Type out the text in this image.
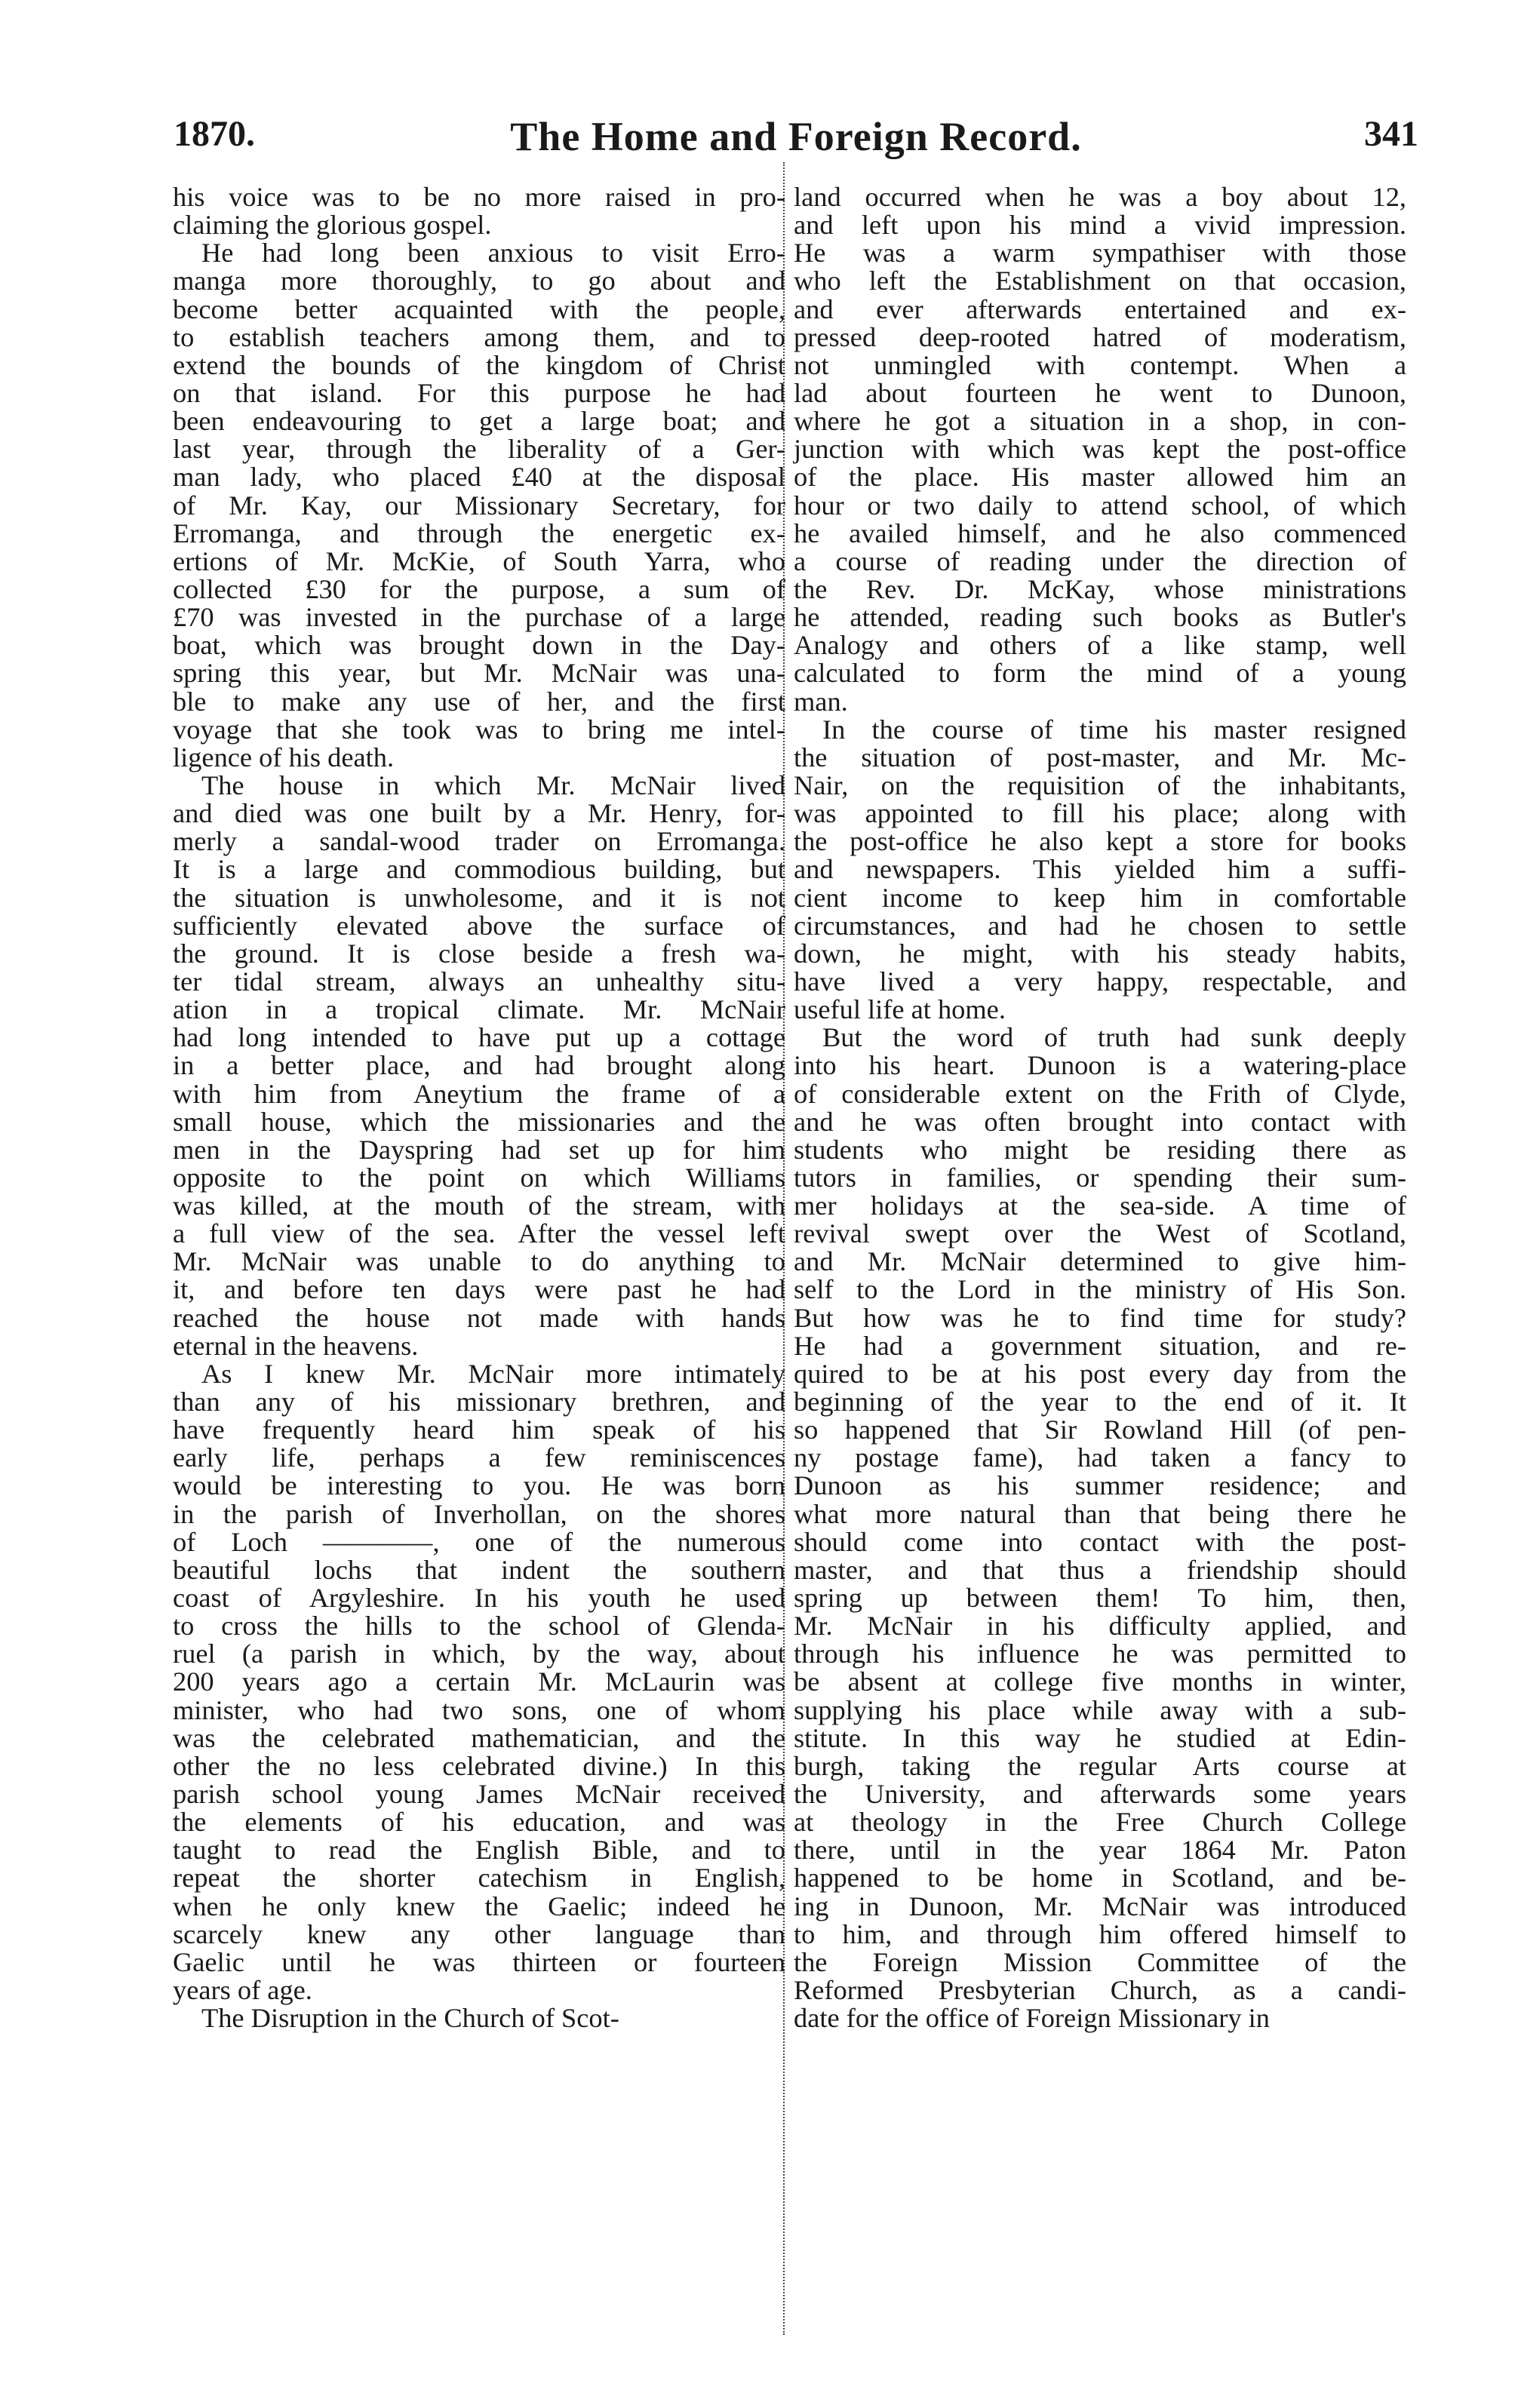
1870.	The Home and Foreign Record.	341
his voice was to be no more raised in pro-
claiming the glorious gospel.
He had long been anxious to visit Erro-
manga more thoroughly, to go about and
become better acquainted with the people,
to establish teachers among them, and to
extend the bounds of the kingdom of Christ
on that island. For this purpose he had
been endeavouring to get a large boat; and
last year, through the liberality of a Ger-
man lady, who placed £40 at the disposal
of Mr. Kay, our Missionary Secretary, for
Erromanga, and through the energetic ex-
ertions of Mr. McKie, of South Yarra, who
collected £30 for the purpose, a sum of
£70 was invested in the purchase of a large
boat, which was brought down in the Day-
spring this year, but Mr. McNair was una-
ble to make any use of her, and the first
voyage that she took was to bring me intel-
ligence of his death.
The house in which Mr. McNair lived
and died was one built by a Mr. Henry, for-
merly a sandal-wood trader on Erromanga.
It is a large and commodious building, but
the situation is unwholesome, and it is not
sufficiently elevated above the surface of
the ground. It is close beside a fresh wa-
ter tidal stream, always an unhealthy situ-
ation in a tropical climate. Mr. McNair
had long intended to have put up a cottage
in a better place, and had brought along
with him from Aneytium the frame of a
small house, which the missionaries and the
men in the Dayspring had set up for him
opposite to the point on which Williams
was killed, at the mouth of the stream, with
a full view of the sea. After the vessel left
Mr. McNair was unable to do anything to
it, and before ten days were past he had
reached the house not made with hands
eternal in the heavens.
As I knew Mr. McNair more intimately
than any of his missionary brethren, and
have frequently heard him speak of his
early life, perhaps a few reminiscences
would be interesting to you. He was born
in the parish of Inverhollan, on the shores
of Loch ————, one of the numerous
beautiful lochs that indent the southern
coast of Argyleshire. In his youth he used
to cross the hills to the school of Glenda-
ruel (a parish in which, by the way, about
200 years ago a certain Mr. McLaurin was
minister, who had two sons, one of whom
was the celebrated mathematician, and the
other the no less celebrated divine.) In this
parish school young James McNair received
the elements of his education, and was
taught to read the English Bible, and to
repeat the shorter catechism in English,
when he only knew the Gaelic; indeed he
scarcely knew any other language than
Gaelic until he was thirteen or fourteen
years of age.
The Disruption in the Church of Scot-
land occurred when he was a boy about 12,
and left upon his mind a vivid impression.
He was a warm sympathiser with those
who left the Establishment on that occasion,
and ever afterwards entertained and ex-
pressed deep-rooted hatred of moderatism,
not unmingled with contempt. When a
lad about fourteen he went to Dunoon,
where he got a situation in a shop, in con-
junction with which was kept the post-office
of the place. His master allowed him an
hour or two daily to attend school, of which
he availed himself, and he also commenced
a course of reading under the direction of
the Rev. Dr. McKay, whose ministrations
he attended, reading such books as Butler's
Analogy and others of a like stamp, well
calculated to form the mind of a young
man.
In the course of time his master resigned
the situation of post-master, and Mr. Mc-
Nair, on the requisition of the inhabitants,
was appointed to fill his place; along with
the post-office he also kept a store for books
and newspapers. This yielded him a suffi-
cient income to keep him in comfortable
circumstances, and had he chosen to settle
down, he might, with his steady habits,
have lived a very happy, respectable, and
useful life at home.
But the word of truth had sunk deeply
into his heart. Dunoon is a watering-place
of considerable extent on the Frith of Clyde,
and he was often brought into contact with
students who might be residing there as
tutors in families, or spending their sum-
mer holidays at the sea-side. A time of
revival swept over the West of Scotland,
and Mr. McNair determined to give him-
self to the Lord in the ministry of His Son.
But how was he to find time for study?
He had a government situation, and re-
quired to be at his post every day from the
beginning of the year to the end of it. It
so happened that Sir Rowland Hill (of pen-
ny postage fame), had taken a fancy to
Dunoon as his summer residence; and
what more natural than that being there he
should come into contact with the post-
master, and that thus a friendship should
spring up between them! To him, then,
Mr. McNair in his difficulty applied, and
through his influence he was permitted to
be absent at college five months in winter,
supplying his place while away with a sub-
stitute. In this way he studied at Edin-
burgh, taking the regular Arts course at
the University, and afterwards some years
at theology in the Free Church College
there, until in the year 1864 Mr. Paton
happened to be home in Scotland, and be-
ing in Dunoon, Mr. McNair was introduced
to him, and through him offered himself to
the Foreign Mission Committee of the
Reformed Presbyterian Church, as a candi-
date for the office of Foreign Missionary in
